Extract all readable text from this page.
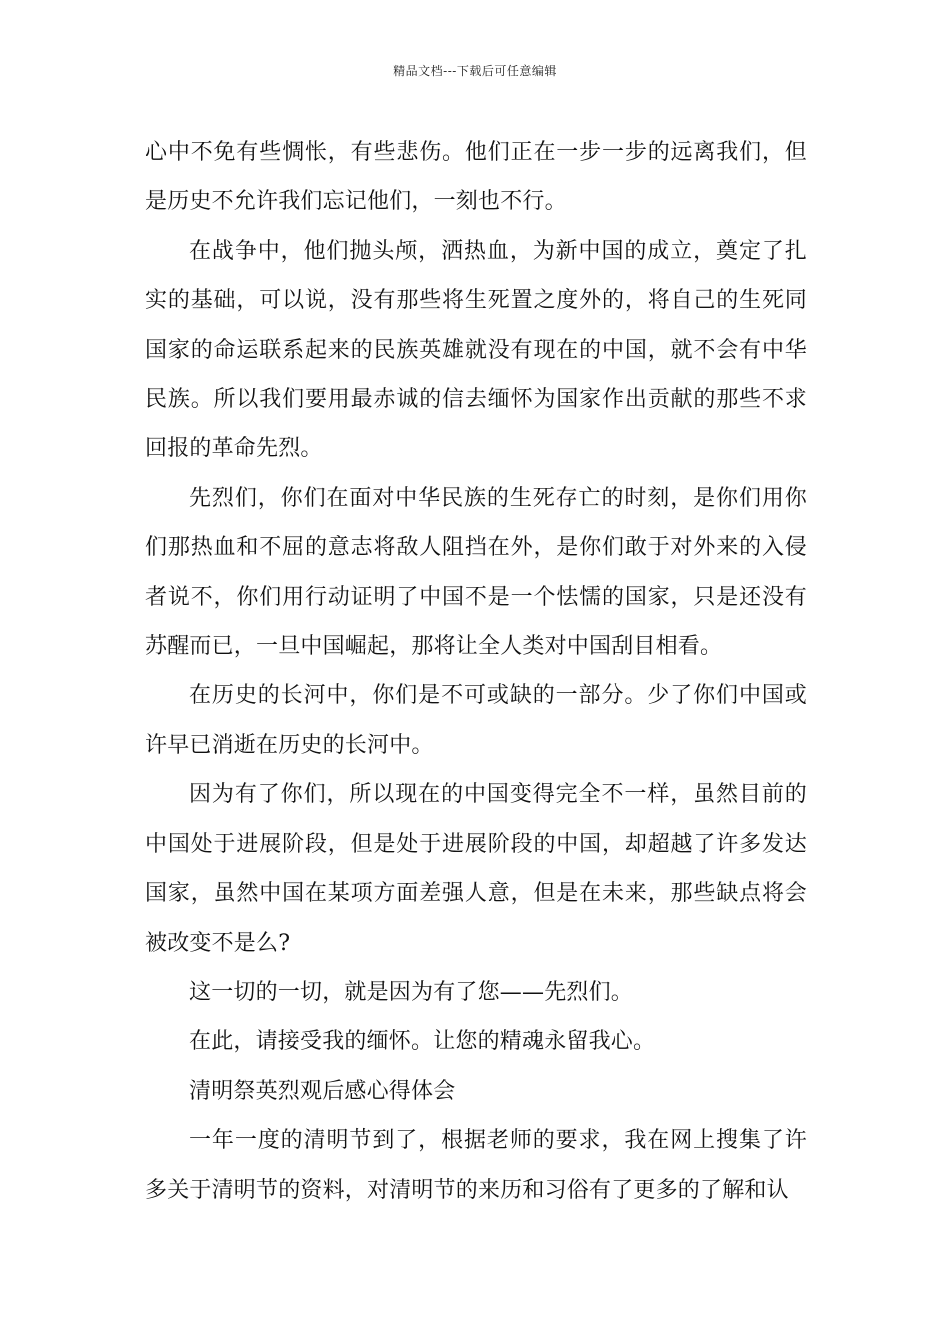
精品文档---下载后可任意编辑

心中不免有些惆怅，有些悲伤。他们正在一步一步的远离我们，但是历史不允许我们忘记他们，一刻也不行。

在战争中，他们抛头颅，洒热血，为新中国的成立，奠定了扎实的基础，可以说，没有那些将生死置之度外的，将自己的生死同国家的命运联系起来的民族英雄就没有现在的中国，就不会有中华民族。所以我们要用最赤诚的信去缅怀为国家作出贡献的那些不求回报的革命先烈。

先烈们，你们在面对中华民族的生死存亡的时刻，是你们用你们那热血和不屈的意志将敌人阻挡在外，是你们敢于对外来的入侵者说不，你们用行动证明了中国不是一个怯懦的国家，只是还没有苏醒而已，一旦中国崛起，那将让全人类对中国刮目相看。

在历史的长河中，你们是不可或缺的一部分。少了你们中国或许早已消逝在历史的长河中。

因为有了你们，所以现在的中国变得完全不一样，虽然目前的中国处于进展阶段，但是处于进展阶段的中国，却超越了许多发达国家，虽然中国在某项方面差强人意，但是在未来，那些缺点将会被改变不是么?

这一切的一切，就是因为有了您——先烈们。

在此，请接受我的缅怀。让您的精魂永留我心。

清明祭英烈观后感心得体会

一年一度的清明节到了，根据老师的要求，我在网上搜集了许多关于清明节的资料，对清明节的来历和习俗有了更多的了解和认
